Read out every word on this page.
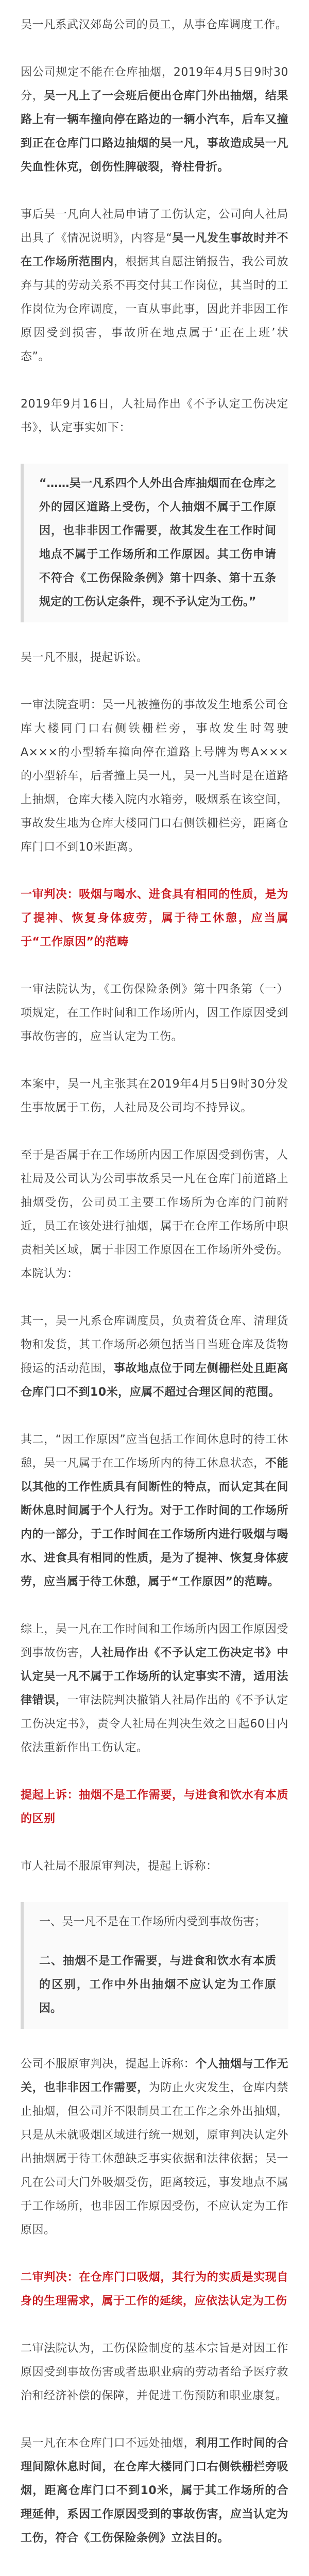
吴一凡系武汉郊岛公司的员工，从事仓库调度工作。

因公司规定不能在仓库抽烟，2019年4月5日9时30分，吴一凡上了一会班后便出仓库门外出抽烟，结果路上有一辆车撞向停在路边的一辆小汽车，后车又撞到正在仓库门口路边抽烟的吴一凡，事故造成吴一凡失血性休克，创伤性脾破裂，脊柱骨折。

事后吴一凡向人社局申请了工伤认定，公司向人社局出具了《情况说明》，内容是“吴一凡发生事故时并不在工作场所范围内，根据其自愿注销报告，我公司放弃与其的劳动关系不再交付其工作岗位，其当时的工作岗位为仓库调度，一直从事此事，因此并非因工作原因受到损害，事故所在地点属于‘正在上班’状态”。

2019年9月16日，人社局作出《不予认定工伤决定书》，认定事实如下：

“……吴一凡系四个人外出合库抽烟而在仓库之外的园区道路上受伤，个人抽烟不属于工作原因，也非非因工作需要，故其发生在工作时间地点不属于工作场所和工作原因。其工伤申请不符合《工伤保险条例》第十四条、第十五条规定的工伤认定条件，现不予认定为工伤。”

吴一凡不服，提起诉讼。

一审法院查明：吴一凡被撞伤的事故发生地系公司仓库大楼同门口右侧铁栅栏旁，事故发生时驾驶A×××的小型轿车撞向停在道路上号牌为粤A×××的小型轿车，后者撞上吴一凡，吴一凡当时是在道路上抽烟，仓库大楼入院内水箱旁，吸烟系在该空间，事故发生地为仓库大楼同门口右侧铁栅栏旁，距离仓库门口不到10米距离。

一审判决：吸烟与喝水、进食具有相同的性质，是为了提神、恢复身体疲劳，属于待工休憩，应当属于“工作原因”的范畴

一审法院认为，《工伤保险条例》第十四条第（一）项规定，在工作时间和工作场所内，因工作原因受到事故伤害的，应当认定为工伤。

本案中，吴一凡主张其在2019年4月5日9时30分发生事故属于工伤，人社局及公司均不持异议。

至于是否属于在工作场所内因工作原因受到伤害，人社局及公司认为公司事故系吴一凡在仓库门前道路上抽烟受伤，公司员工主要工作场所为仓库的门前附近，员工在该处进行抽烟，属于在仓库工作场所中职责相关区域，属于非因工作原因在工作场所外受伤。本院认为：

其一，吴一凡系仓库调度员，负责着货仓库、清理货物和发货，其工作场所必须包括当日当班仓库及货物搬运的活动范围，事故地点位于同左侧栅栏处且距离仓库门口不到10米，应属不超过合理区间的范围。

其二，“因工作原因”应当包括工作间休息时的待工休憩，吴一凡属于在工作场所内的待工休息状态，不能以其他的工作性质具有间断性的特点，而认定其在间断休息时间属于个人行为。对于工作时间的工作场所内的一部分，于工作时间在工作场所内进行吸烟与喝水、进食具有相同的性质，是为了提神、恢复身体疲劳，应当属于待工休憩，属于“工作原因”的范畴。

综上，吴一凡在工作时间和工作场所内因工作原因受到事故伤害，人社局作出《不予认定工伤决定书》中认定吴一凡不属于工作场所的认定事实不清，适用法律错误，一审法院判决撤销人社局作出的《不予认定工伤决定书》，责令人社局在判决生效之日起60日内依法重新作出工伤认定。

提起上诉：抽烟不是工作需要，与进食和饮水有本质的区别

市人社局不服原审判决，提起上诉称：

一、吴一凡不是在工作场所内受到事故伤害；
二、抽烟不是工作需要，与进食和饮水有本质的区别，工作中外出抽烟不应认定为工作原因。

公司不服原审判决，提起上诉称：个人抽烟与工作无关，也非非因工作需要，为防止火灾发生，仓库内禁止抽烟，但公司并不限制员工在工作之余外出抽烟，只是从未就吸烟区域进行统一规划，原审判决认定外出抽烟属于待工休憩缺乏事实依据和法律依据；吴一凡在公司大门外吸烟受伤，距离较远，事发地点不属于工作场所，也非因工作原因受伤，不应认定为工作原因。

二审判决：在仓库门口吸烟，其行为的实质是实现自身的生理需求，属于工作的延续，应依法认定为工伤

二审法院认为，工伤保险制度的基本宗旨是对因工作原因受到事故伤害或者患职业病的劳动者给予医疗救治和经济补偿的保障，并促进工伤预防和职业康复。

吴一凡在本仓库门口不远处抽烟，利用工作时间的合理间隙休息时间，在仓库大楼同门口右侧铁栅栏旁吸烟，距离仓库门口不到10米，属于其工作场所的合理延伸，系因工作原因受到的事故伤害，应当认定为工伤，符合《工伤保险条例》立法目的。
